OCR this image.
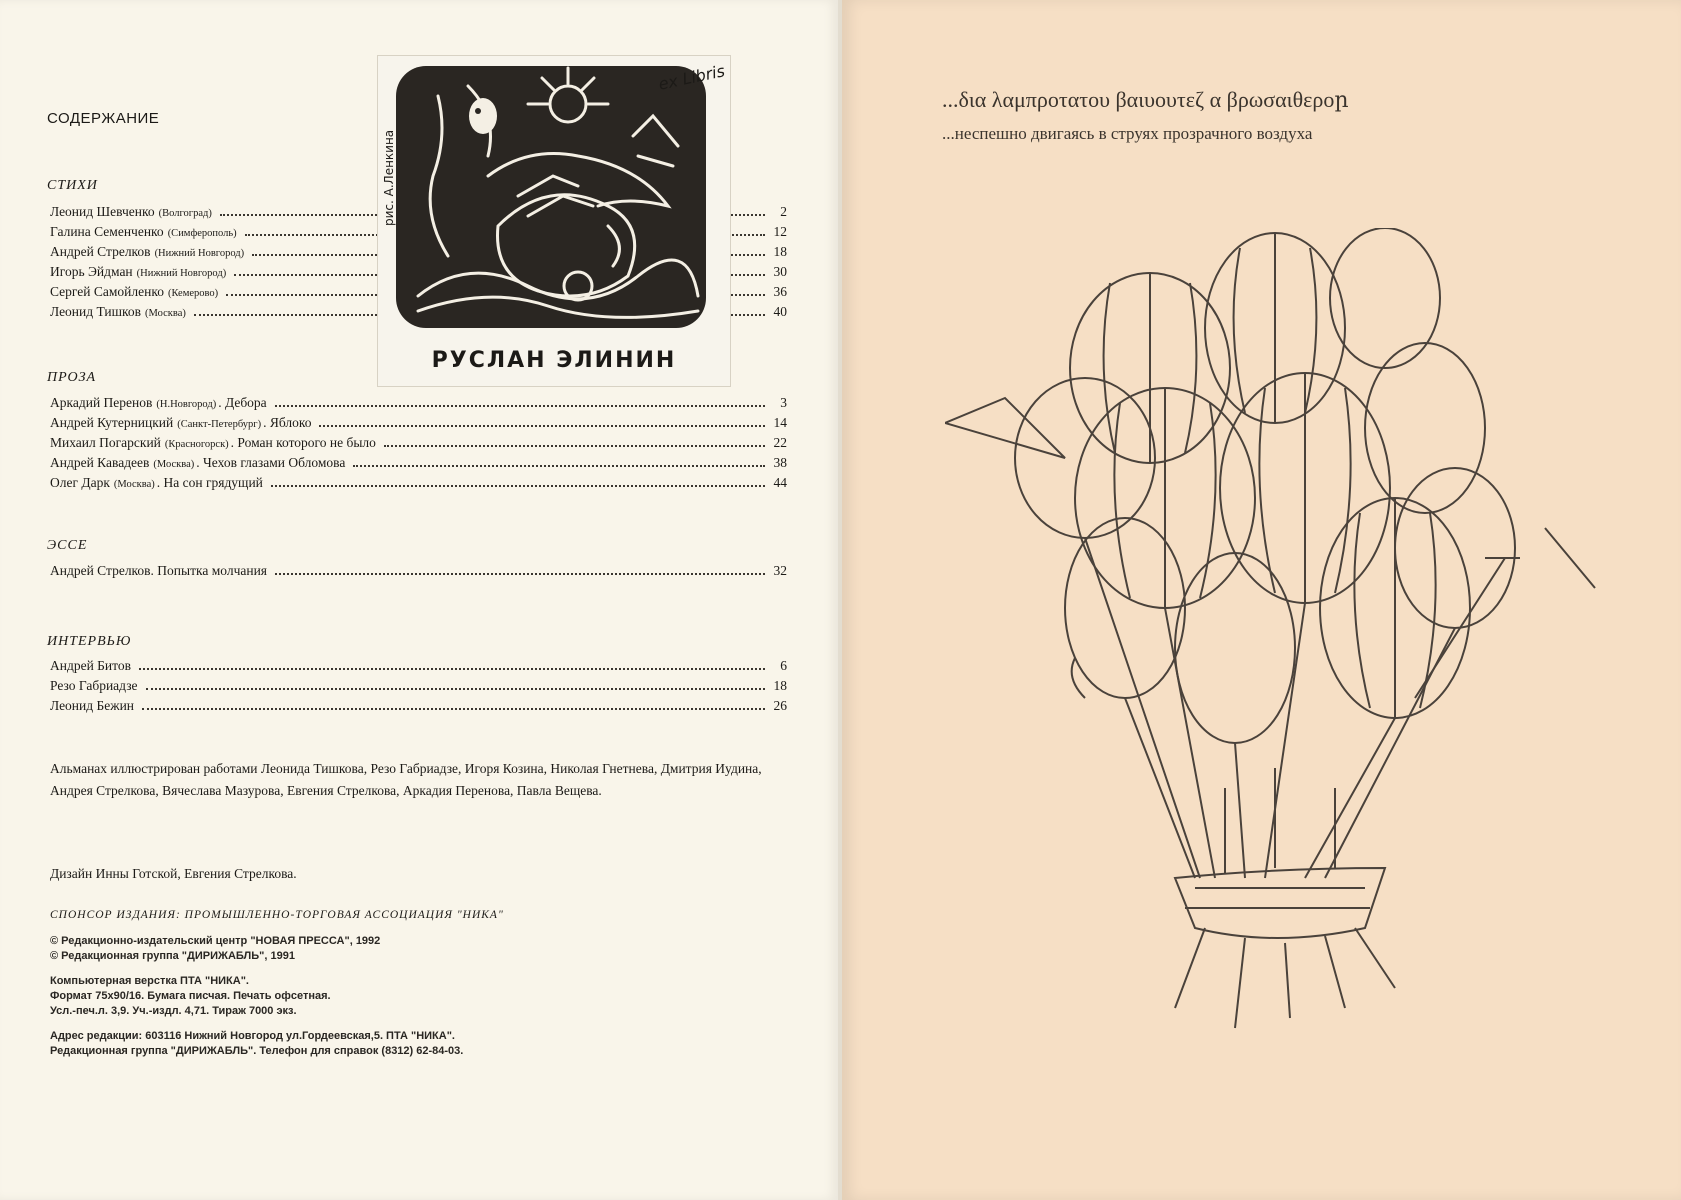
СОДЕРЖАНИЕ
СТИХИ
Леонид Шевченко (Волгоград)	2
Галина Семенченко (Симферополь)	12
Андрей Стрелков (Нижний Новгород)	18
Игорь Эйдман (Нижний Новгород)	30
Сергей Самойленко (Кемерово)	36
Леонид Тишков (Москва)	40
ex Libris
рис. А.Ленкина
РУСЛАН ЭЛИНИН
ПРОЗА
Аркадий Перенов (Н.Новгород) . Дебора	3
Андрей Кутерницкий (Санкт-Петербург) . Яблоко	14
Михаил Погарский (Красногорск) . Роман которого не было	22
Андрей Кавадеев (Москва) . Чехов глазами Обломова	38
Олег Дарк (Москва) . На сон грядущий	44
ЭССЕ
Андрей Стрелков. Попытка молчания	32
ИНТЕРВЬЮ
Андрей Битов	6
Резо Габриадзе	18
Леонид Бежин	26

Альманах иллюстрирован работами Леонида Тишкова, Резо Габриадзе, Игоря Козина, Николая Гнетнева, Дмитрия Иудина, Андрея Стрелкова, Вячеслава Мазурова, Евгения Стрелкова, Аркадия Перенова, Павла Вещева.

Дизайн Инны Готской, Евгения Стрелкова.

СПОНСОР ИЗДАНИЯ: ПРОМЫШЛЕННО-ТОРГОВАЯ АССОЦИАЦИЯ "НИКА"

© Редакционно-издательский центр "НОВАЯ ПРЕССА", 1992

© Редакционная группа "ДИРИЖАБЛЬ", 1991

Компьютерная верстка ПТА "НИКА".

Формат 75х90/16. Бумага писчая. Печать офсетная.

Усл.-печ.л. 3,9. Уч.-издл. 4,71. Тираж 7000 экз.

Адрес редакции: 603116 Нижний Новгород ул.Гордеевская,5. ПТА "НИКА".

Редакционная группа "ДИРИЖАБЛЬ". Телефон для справок (8312) 62-84-03.

...δια λαμπροτατου βαιυουτεζ α βρωσαιθεροր
...неспешно двигаясь в струях прозрачного воздуха
